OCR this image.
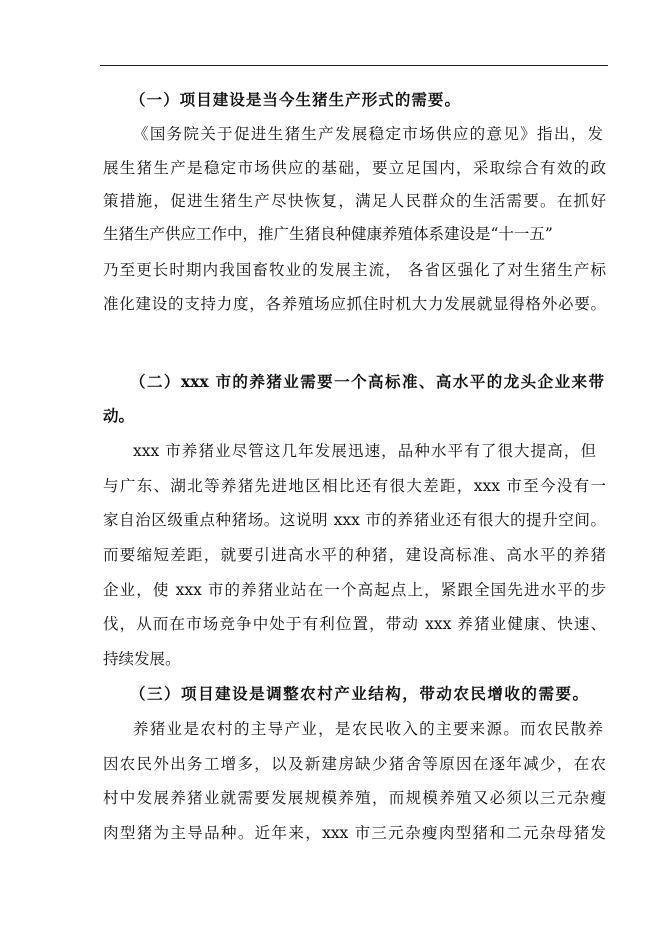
（一）项目建设是当今生猪生产形式的需要。
《国务院关于促进生猪生产发展稳定市场供应的意见》指出，发
展生猪生产是稳定市场供应的基础，要立足国内，采取综合有效的政
策措施，促进生猪生产尽快恢复，满足人民群众的生活需要。在抓好
生猪生产供应工作中，推广生猪良种健康养殖体系建设是“十一五”
乃至更长时期内我国畜牧业的发展主流， 各省区强化了对生猪生产标
准化建设的支持力度，各养殖场应抓住时机大力发展就显得格外必要。
（二）xxx 市的养猪业需要一个高标准、高水平的龙头企业来带
动。
xxx 市养猪业尽管这几年发展迅速，品种水平有了很大提高，但
与广东、湖北等养猪先进地区相比还有很大差距，xxx 市至今没有一
家自治区级重点种猪场。这说明 xxx 市的养猪业还有很大的提升空间。
而要缩短差距，就要引进高水平的种猪，建设高标准、高水平的养猪
企业，使 xxx 市的养猪业站在一个高起点上，紧跟全国先进水平的步
伐，从而在市场竞争中处于有利位置，带动 xxx 养猪业健康、快速、
持续发展。
（三）项目建设是调整农村产业结构，带动农民增收的需要。
养猪业是农村的主导产业，是农民收入的主要来源。而农民散养
因农民外出务工增多，以及新建房缺少猪舍等原因在逐年减少，在农
村中发展养猪业就需要发展规模养殖，而规模养殖又必须以三元杂瘦
肉型猪为主导品种。近年来，xxx 市三元杂瘦肉型猪和二元杂母猪发
